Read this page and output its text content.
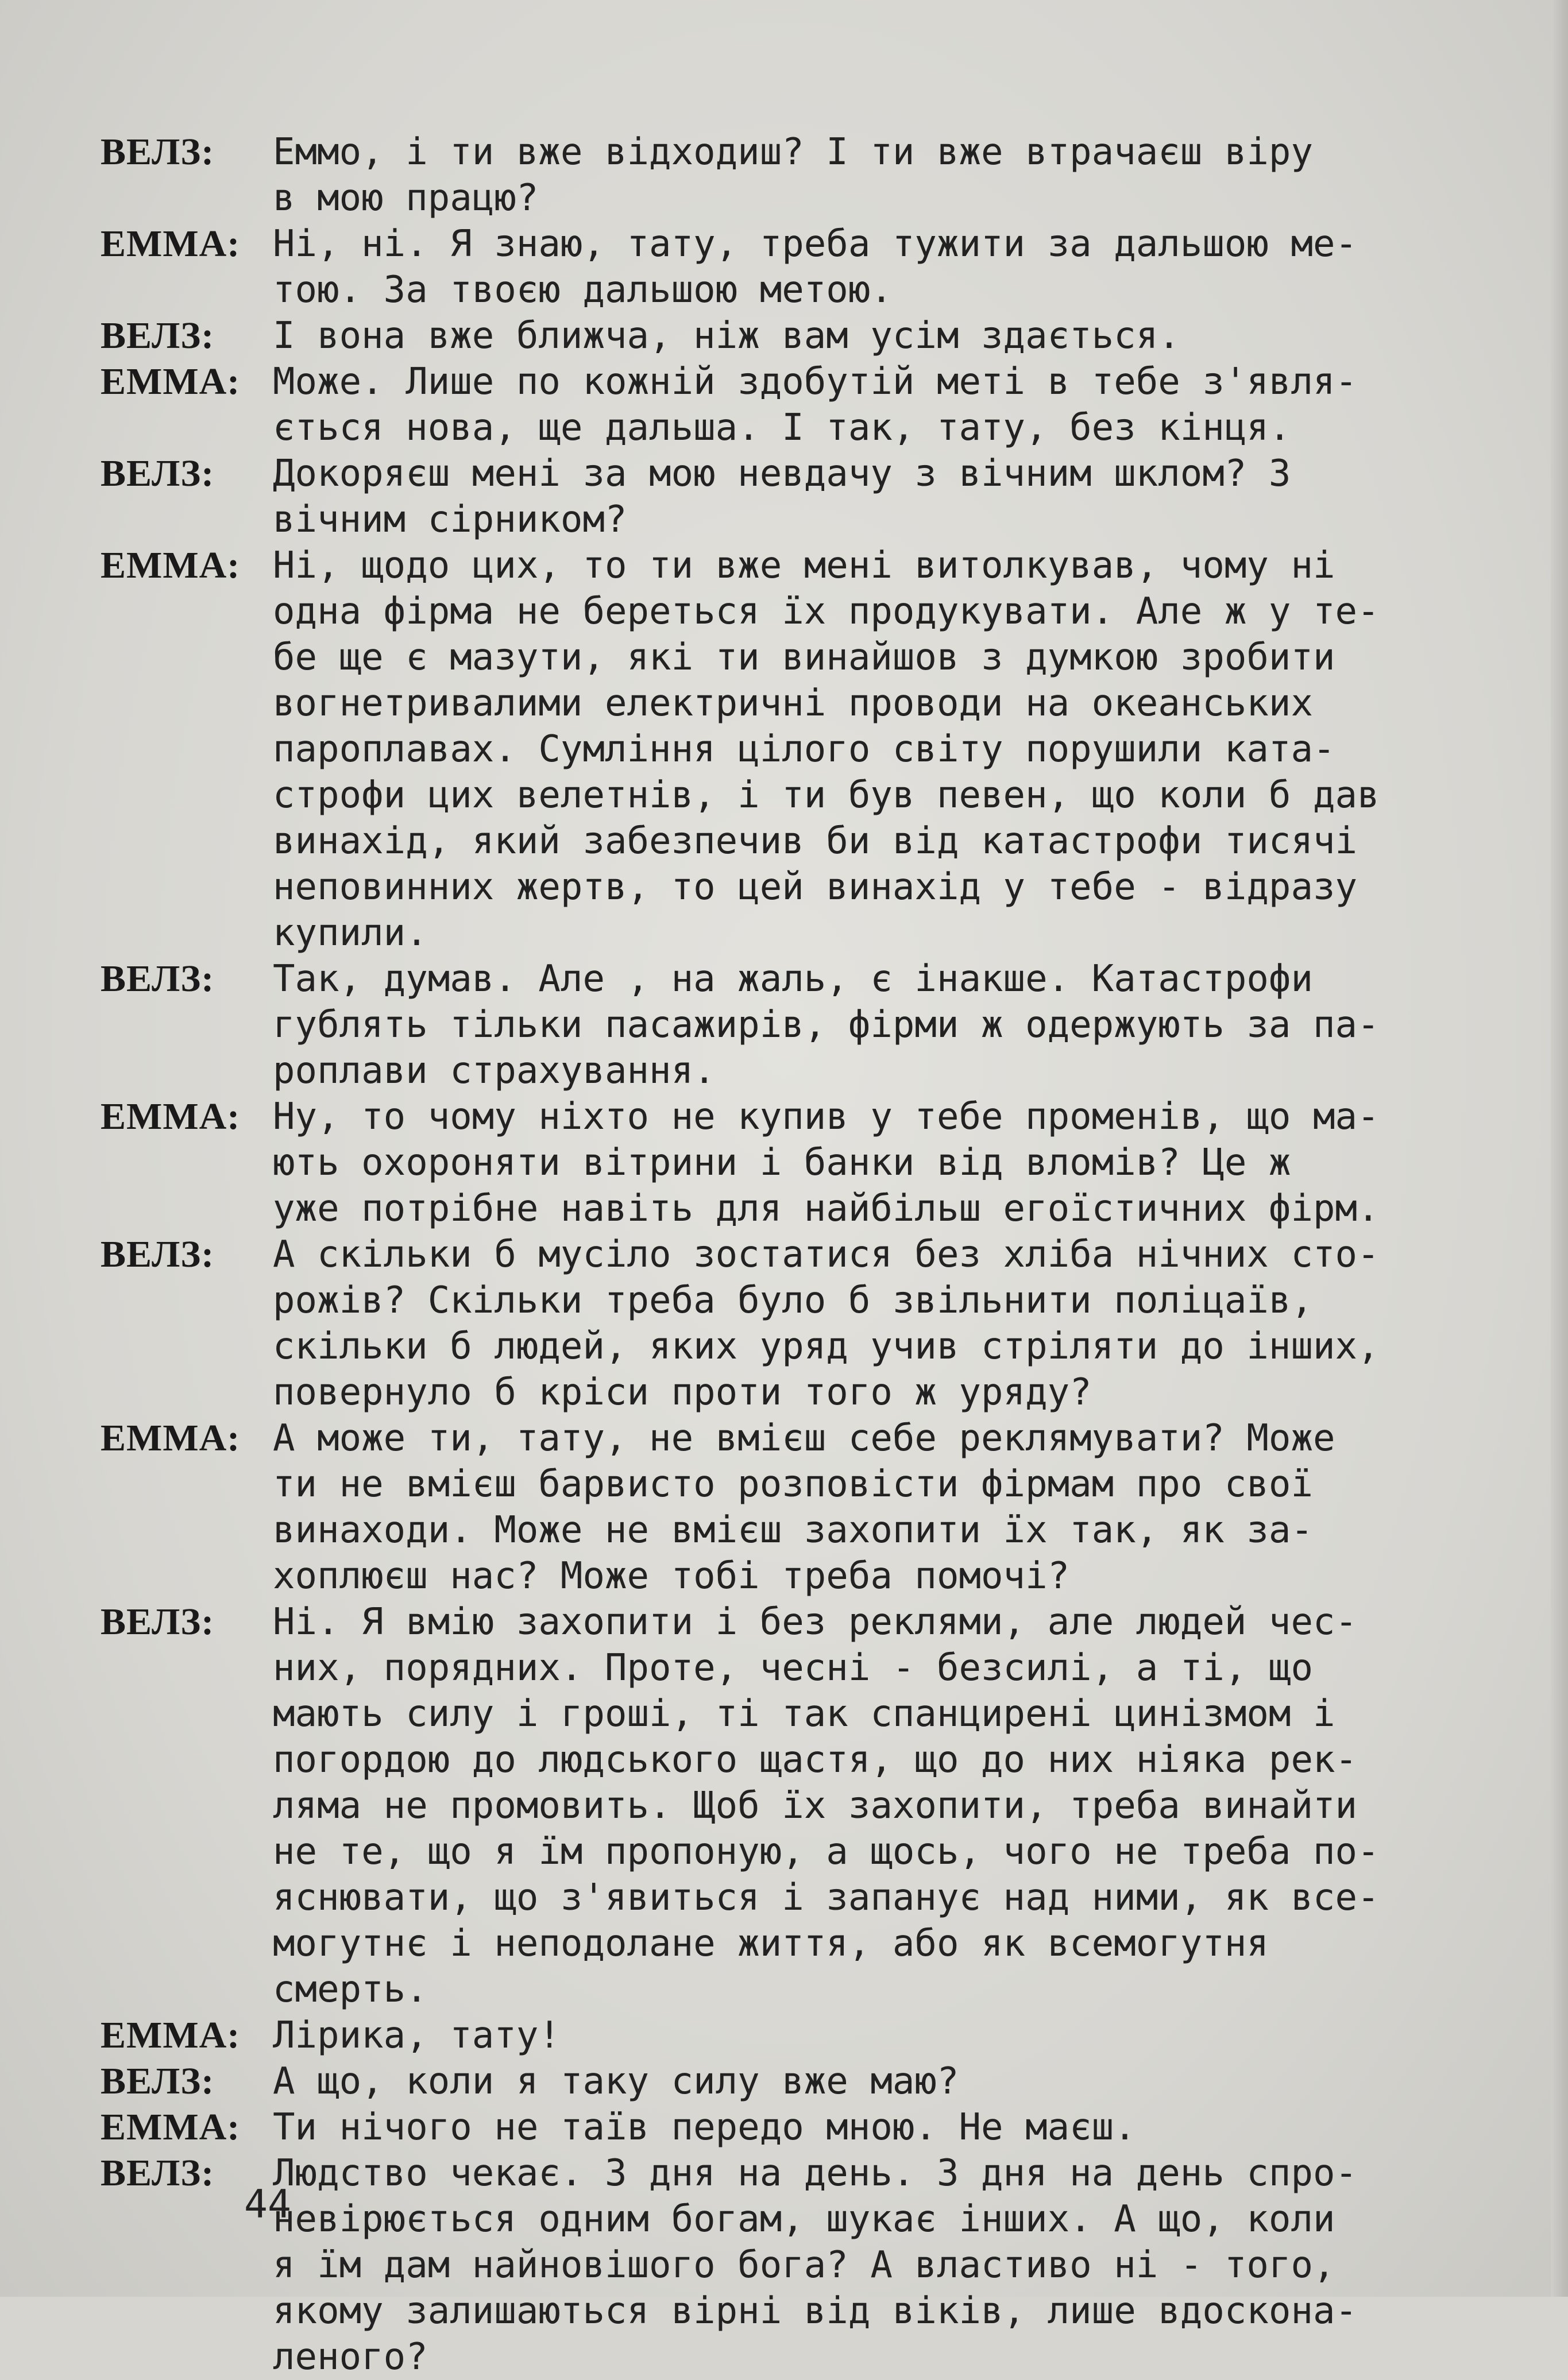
ВЕЛЗ:	Еммо, і ти вже відходиш? І ти вже втрачаєш віру
в мою працю?
ЕММА: Ні, ні. Я знаю, тату, треба тужити за дальшою ме-
тою. За твоєю дальшою метою.
ВЕЛЗ:	І вона вже ближча, ніж вам усім здається.
ЕММА: Може. Лише по кожній здобутій меті в тебе з'явля-
ється нова, ще дальша. І так, тату, без кінця.
ВЕЛЗ:	Докоряєш мені за мою невдачу з вічним шклом? З
вічним сірником?
ЕММА: Ні, щодо цих, то ти вже мені витолкував, чому ні
одна фірма не береться їх продукувати. Але ж у те-
бе ще є мазути, які ти винайшов з думкою зробити
вогнетривалими електричні проводи на океанських
пароплавах. Сумління цілого світу порушили ката-
строфи цих велетнів, і ти був певен, що коли б дав
винахід, який забезпечив би від катастрофи тисячі
неповинних жертв, то цей винахід у тебе - відразу
купили.
ВЕЛЗ:	Так, думав. Але , на жаль, є інакше. Катастрофи
гублять тільки пасажирів, фірми ж одержують за па-
роплави страхування.
ЕММА: Ну, то чому ніхто не купив у тебе променів, що ма-
ють охороняти вітрини і банки від вломів? Це ж
уже потрібне навіть для найбільш егоїстичних фірм.
ВЕЛЗ:	А скільки б мусіло зостатися без хліба нічних сто-
рожів? Скільки треба було б звільнити поліцаїв,
скільки б людей, яких уряд учив стріляти до інших,
повернуло б кріси проти того ж уряду?
ЕММА: А може ти, тату, не вмієш себе реклямувати? Може
ти не вмієш барвисто розповісти фірмам про свої
винаходи. Може не вмієш захопити їх так, як за-
хоплюєш нас? Може тобі треба помочі?
ВЕЛЗ:	Ні. Я вмію захопити і без реклями, але людей чес-
них, порядних. Проте, чесні - безсилі, а ті, що
мають силу і гроші, ті так спанцирені цинізмом і
погордою до людського щастя, що до них ніяка рек-
ляма не промовить. Щоб їх захопити, треба винайти
не те, що я їм пропоную, а щось, чого не треба по-
яснювати, що з'явиться і запанує над ними, як все-
могутнє і неподолане життя, або як всемогутня
смерть.
ЕММА: Лірика, тату!
ВЕЛЗ:	А що, коли я таку силу вже маю?
ЕММА: Ти нічого не таїв передо мною. Не маєш.
ВЕЛЗ:	Людство чекає. З дня на день. З дня на день спро-
невірюється одним богам, шукає інших. А що, коли
я їм дам найновішого бога? А властиво ні - того,
якому залишаються вірні від віків, лише вдоскона-
леного?
44
